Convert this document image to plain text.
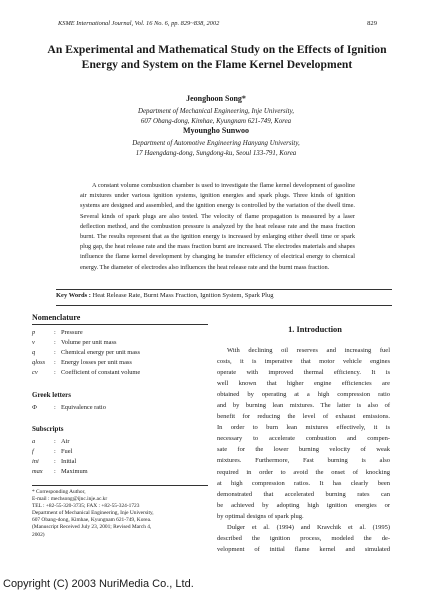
KSME International Journal, Vol. 16 No. 6, pp. 829~838, 2002	829

An Experimental and Mathematical Study on the Effects of Ignition
Energy and System on the Flame Kernel Development
Jeonghoon Song*
Department of Mechanical Engineering, Inje University,
607 Obang-dong, Kimhae, Kyungnam 621-749, Korea
Myoungho Sunwoo
Department of Automotive Engineering Hanyang University,
17 Haengdang-dong, Sungdong-ku, Seoul 133-791, Korea

A constant volume combustion chamber is used to investigate the flame kernel development of gasoline air mixtures under various ignition systems, ignition energies and spark plugs. Three kinds of ignition systems are designed and assembled, and the ignition energy is controlled by the variation of the dwell time. Several kinds of spark plugs are also tested. The velocity of flame propagation is measured by a laser deflection method, and the combustion pressure is analyzed by the heat release rate and the mass fraction burnt. The results represent that as the ignition energy is increased by enlarging either dwell time or spark plug gap, the heat release rate and the mass fraction burnt are increased. The electrodes materials and shapes influence the flame kernel development by changing he transfer efficiency of electrical energy to chemical energy. The diameter of electrodes also influences the heat release rate and the burnt mass fraction.

Key Words : Heat Release Rate, Burnt Mass Fraction, Ignition System, Spark Plug
Nomenclature
p	: Pressure
v	: Volume per unit mass
q	: Chemical energy per unit mass
qloss	: Energy losses per unit mass
cv	: Coefficient of constant volume
Greek letters
Φ	: Equivalence ratio
Subscripts
a	: Air
f	: Fuel
ini	: Initial
max	: Maximum
* Corresponding Author,
E-mail : mechsong@ijnc.inje.ac.kr
TEL : +82-55-320-3735; FAX : +82-55-324-1723
Department of Mechanical Engineering, Inje University,
607 Obang-dong, Kimhae, Kyungnam 621-749, Korea.
(Manuscript Received July 23, 2001; Revised March 4,
2002)
1. Introduction
With declining oil reserves and increasing fuel
costs, it is imperative that motor vehicle engines
operate with improved thermal efficiency. It is
well known that higher engine efficiencies are
obtained by operating at a high compression ratio
and by burning lean mixtures. The latter is also of
benefit for reducing the level of exhaust emissions.
In order to burn lean mixtures effectively, it is
necessary to accelerate combustion and compen-
sate for the lower burning velocity of weak
mixtures. Furthermore, Fast burning is also
required in order to avoid the onset of knocking
at high compression ratios. It has clearly been
demonstrated that accelerated burning rates can
be achieved by adopting high ignition energies or
by optimal designs of spark plug.
Dulger et al. (1994) and Kravchik et al. (1995)
described the ignition process, modeled the de-
velopment of initial flame kernel and simulated
Copyright (C) 2003 NuriMedia Co., Ltd.
